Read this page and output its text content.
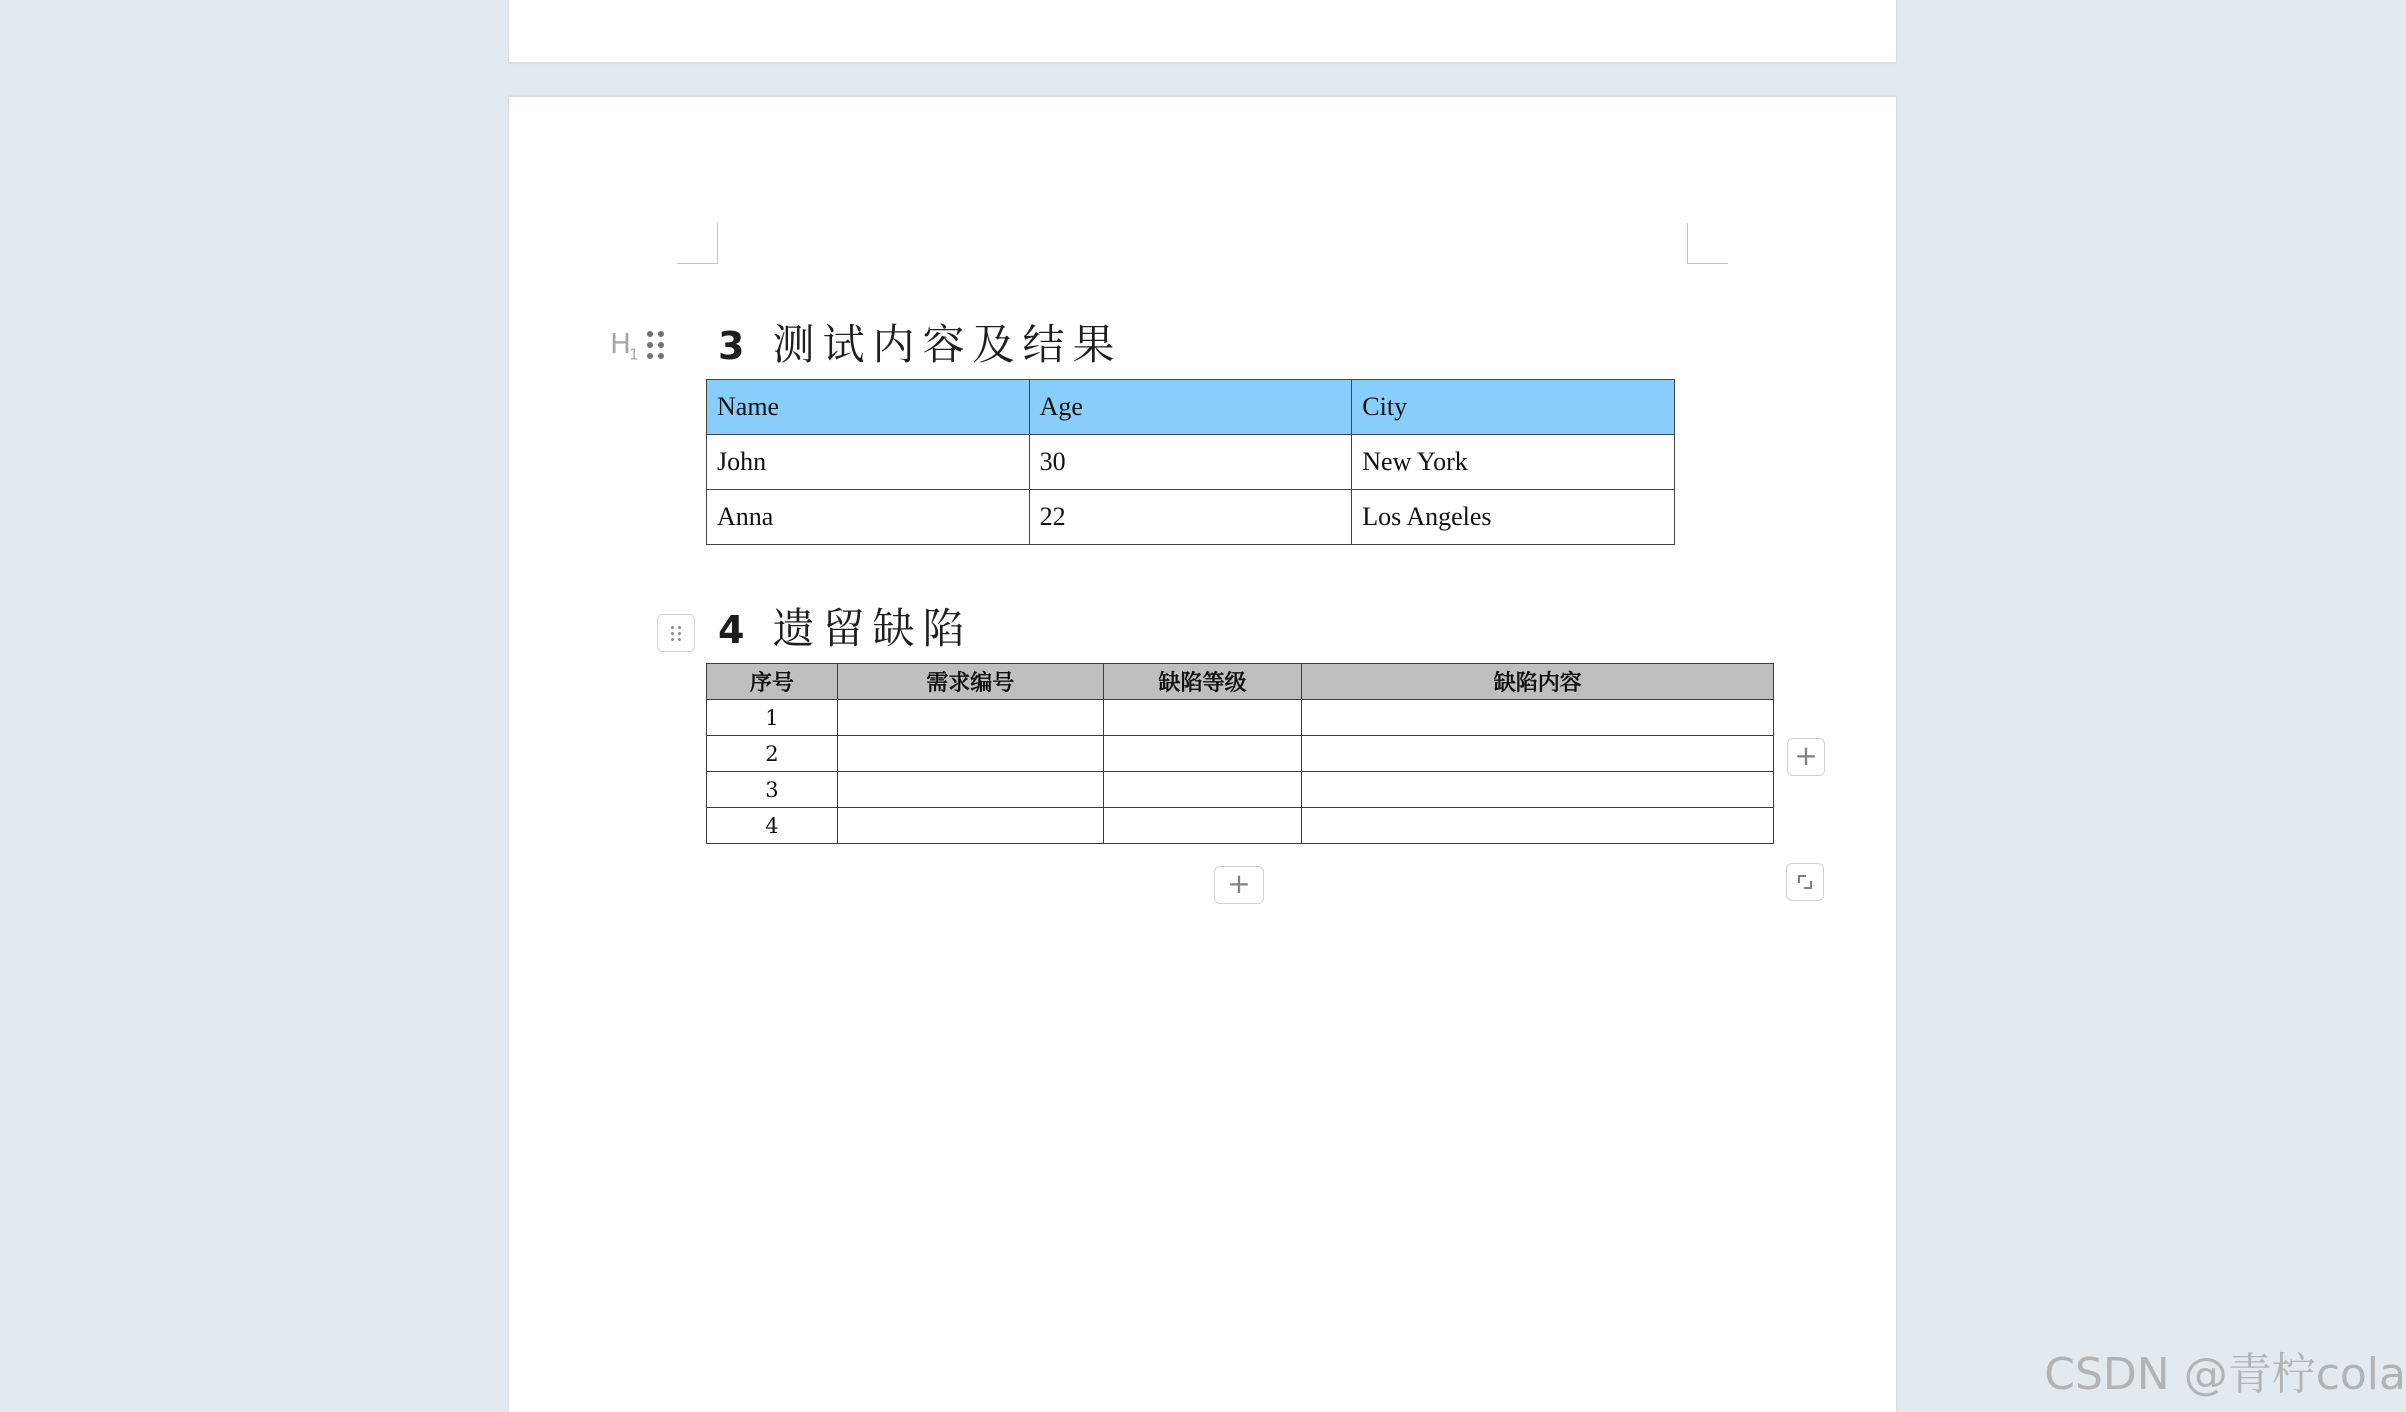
$H_1$ 3 测试内容及结果
Name	Age	City
John	30	New York
Anna	22	Los Angeles
4 遗留缺陷
序号	需求编号	缺陷等级	缺陷内容
1			
2			
3			
4			
+
+
CSDN @青柠cola
